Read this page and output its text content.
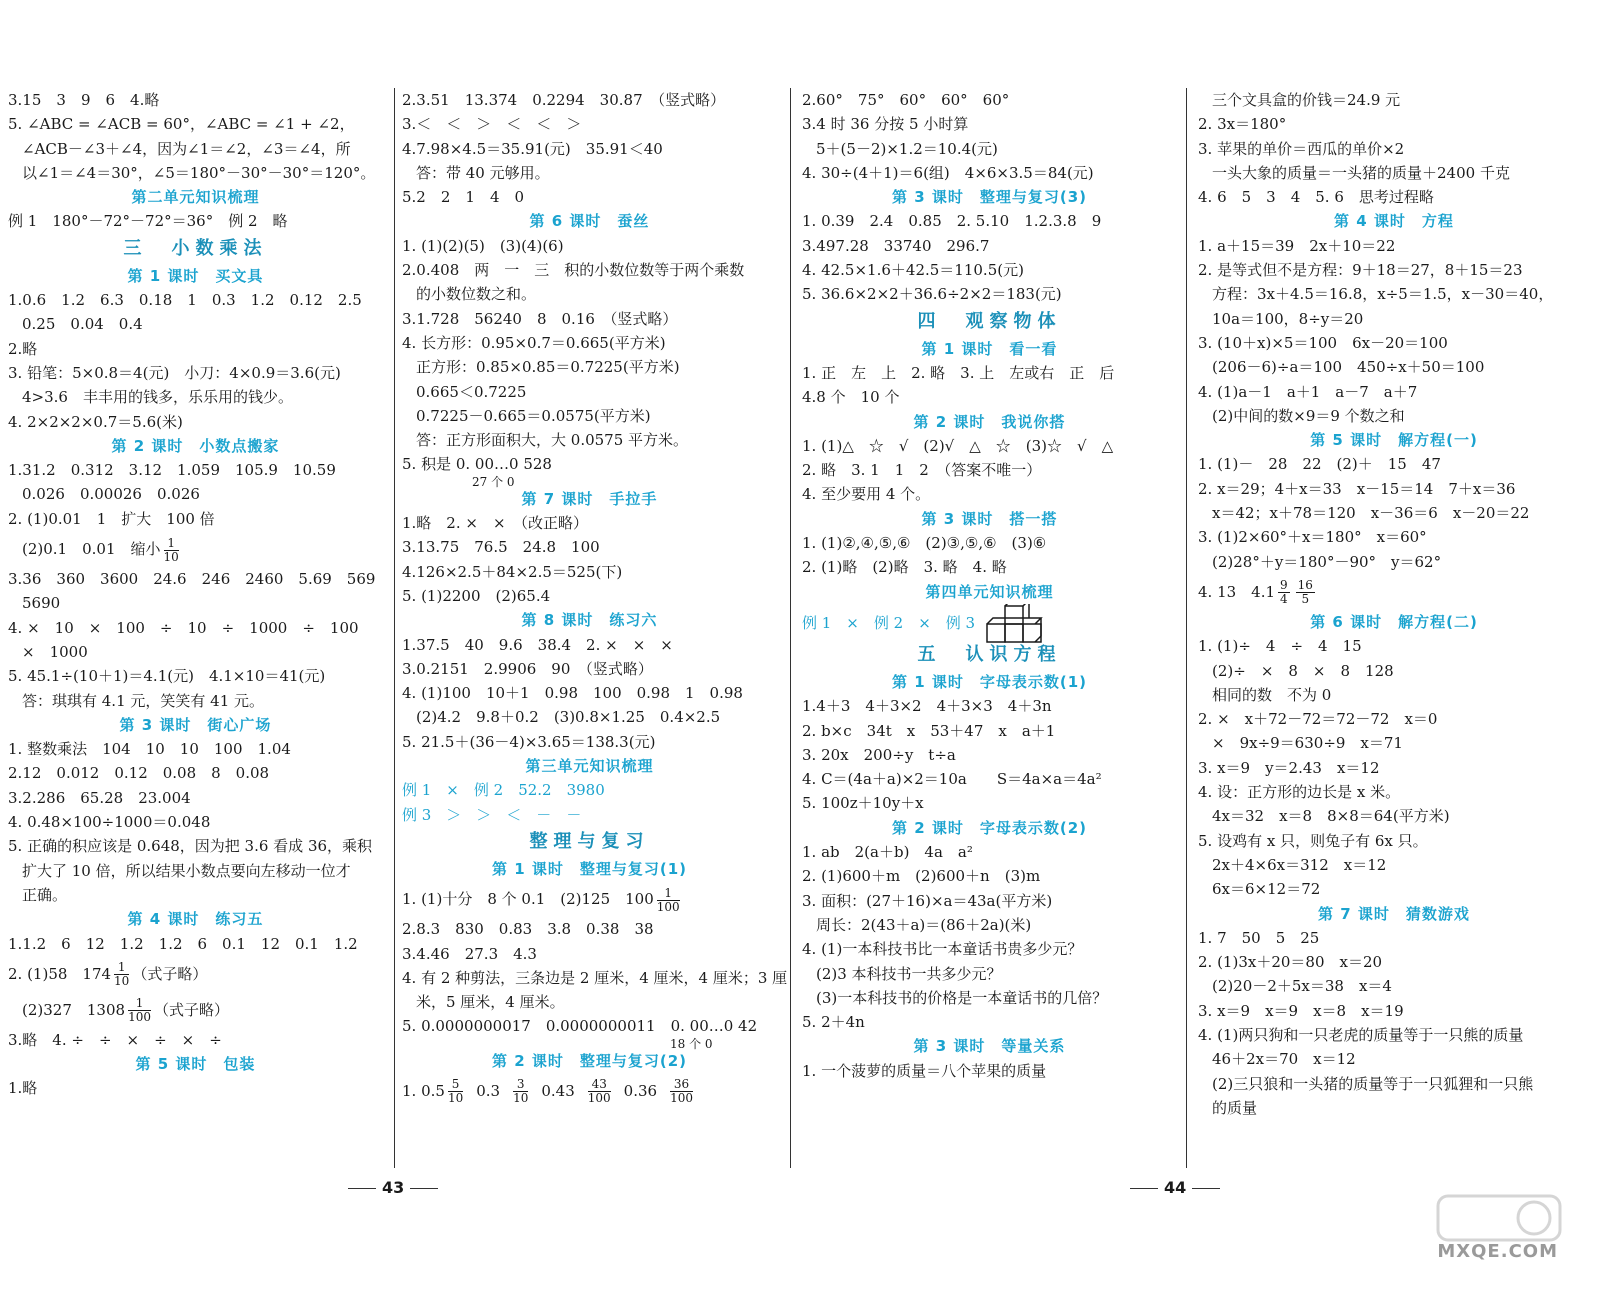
3.15　3　9　6　4.略
5. ∠ABC = ∠ACB = 60°，∠ABC = ∠1 + ∠2，
∠ACB－∠3＋∠4，因为∠1＝∠2，∠3＝∠4，所
以∠1＝∠4＝30°，∠5＝180°－30°－30°＝120°。
第二单元知识梳理
例 1　180°－72°－72°＝36°　例 2　略
三　小数乘法
第 1 课时　买文具
1.0.6　1.2　6.3　0.18　1　0.3　1.2　0.12　2.5
0.25　0.04　0.4
2.略
3. 铅笔：5×0.8＝4(元)　小刀：4×0.9＝3.6(元)
4>3.6　丰丰用的钱多，乐乐用的钱少。
4. 2×2×2×0.7＝5.6(米)
第 2 课时　小数点搬家
1.31.2　0.312　3.12　1.059　105.9　10.59
0.026　0.00026　0.026
2. (1)0.01　1　扩大　100 倍
(2)0.1　0.01　缩小 $\frac{1}{10}$
3.36　360　3600　24.6　246　2460　5.69　569
5690
4. ×　10　×　100　÷　10　÷　1000　÷　100
×　1000
5. 45.1÷(10＋1)＝4.1(元)　4.1×10＝41(元)
答：琪琪有 4.1 元，笑笑有 41 元。
第 3 课时　街心广场
1. 整数乘法　104　10　10　100　1.04
2.12　0.012　0.12　0.08　8　0.08
3.2.286　65.28　23.004
4. 0.48×100÷1000＝0.048
5. 正确的积应该是 0.648，因为把 3.6 看成 36，乘积
扩大了 10 倍，所以结果小数点要向左移动一位才
正确。
第 4 课时　练习五
1.1.2　6　12　1.2　1.2　6　0.1　12　0.1　1.2
2. (1)58　$174 \frac{1}{10}$ （式子略）
(2)327　$1308 \frac{1}{100}$ （式子略）
3.略　4. ÷　÷　×　÷　×　÷
第 5 课时　包装
1.略
2.3.51　13.374　0.2294　30.87　（竖式略）
3.＜　＜　＞　＜　＜　＞
4.7.98×4.5＝35.91(元)　35.91＜40
答：带 40 元够用。
5.2　2　1　4　0
第 6 课时　蚕丝
1. (1)(2)(5)　(3)(4)(6)
2.0.408　两　一　三　积的小数位数等于两个乘数
的小数位数之和。
3.1.728　56240　8　0.16　（竖式略）
4. 长方形：0.95×0.7＝0.665(平方米)
正方形：0.85×0.85＝0.7225(平方米)
0.665＜0.7225
0.7225－0.665＝0.0575(平方米)
答：正方形面积大，大 0.0575 平方米。
5. 积是 0. 00…0 528
27 个 0
第 7 课时　手拉手
1.略　2. ×　×　（改正略）
3.13.75　76.5　24.8　100
4.126×2.5＋84×2.5＝525(下)
5. (1)2200　(2)65.4
第 8 课时　练习六
1.37.5　40　9.6　38.4　2. ×　×　×
3.0.2151　2.9906　90　（竖式略）
4. (1)100　10＋1　0.98　100　0.98　1　0.98
(2)4.2　9.8＋0.2　(3)0.8×1.25　0.4×2.5
5. 21.5＋(36－4)×3.65＝138.3(元)
第三单元知识梳理
例 1　×　例 2　52.2　3980
例 3　＞　＞　＜　－　－
整理与复习
第 1 课时　整理与复习(1)
1. (1)十分　8 个 0.1　(2)125　$100 \frac{1}{100}$
2.8.3　830　0.83　3.8　0.38　38
3.4.46　27.3　4.3
4. 有 2 种剪法，三条边是 2 厘米，4 厘米，4 厘米；3 厘
米，5 厘米，4 厘米。
5. 0.0000000017　0.0000000011　0. 00…0 42
18 个 0
第 2 课时　整理与复习(2)
1. $0.5 \frac{5}{10} 0.3 \frac{3}{10} 0.43 \frac{43}{100} 0.36 \frac{36}{100}$
2.60°　75°　60°　60°　60°
3.4 时 36 分按 5 小时算
5＋(5－2)×1.2＝10.4(元)
4. 30÷(4＋1)＝6(组)　4×6×3.5＝84(元)
第 3 课时　整理与复习(3)
1. 0.39　2.4　0.85　2. 5.10　1.2.3.8　9
3.497.28　33740　296.7
4. 42.5×1.6＋42.5＝110.5(元)
5. 36.6×2×2＋36.6÷2×2＝183(元)
四　观察物体
第 1 课时　看一看
1. 正　左　上　2. 略　3. 上　左或右　正　后
4.8 个　10 个
第 2 课时　我说你搭
1. (1)△　☆　√　(2)√　△　☆　(3)☆　√　△
2. 略　3. 1　1　2　（答案不唯一）
4. 至少要用 4 个。
第 3 课时　搭一搭
1. (1)②,④,⑤,⑥　(2)③,⑤,⑥　(3)⑥
2. (1)略　(2)略　3. 略　4. 略
第四单元知识梳理
例 1　×　例 2　×　例 3
五　认识方程
第 1 课时　字母表示数(1)
1.4＋3　4＋3×2　4＋3×3　4＋3n
2. b×c　34t　x　53＋47　x　a＋1
3. 20x　200÷y　t÷a
4. C＝(4a＋a)×2＝10a　　S＝4a×a＝4a²
5. 100z＋10y＋x
第 2 课时　字母表示数(2)
1. ab　2(a＋b)　4a　a²
2. (1)600＋m　(2)600＋n　(3)m
3. 面积：(27＋16)×a＝43a(平方米)
周长：2(43＋a)＝(86＋2a)(米)
4. (1)一本科技书比一本童话书贵多少元？
(2)3 本科技书一共多少元？
(3)一本科技书的价格是一本童话书的几倍？
5. 2＋4n
第 3 课时　等量关系
1. 一个菠萝的质量＝八个苹果的质量
三个文具盒的价钱＝24.9 元
2. 3x＝180°
3. 苹果的单价＝西瓜的单价×2
一头大象的质量＝一头猪的质量＋2400 千克
4. 6　5　3　4　5. 6　思考过程略
第 4 课时　方程
1. a＋15＝39　2x＋10＝22
2. 是等式但不是方程：9＋18＝27，8＋15＝23
方程：3x＋4.5＝16.8，x÷5＝1.5，x－30＝40，
10a＝100，8÷y＝20
3. (10＋x)×5＝100　6x－20＝100
(206－6)÷a＝100　450÷x＋50＝100
4. (1)a－1　a＋1　a－7　a＋7
(2)中间的数×9＝9 个数之和
第 5 课时　解方程(一)
1. (1)－　28　22　(2)＋　15　47
2. x＝29；4＋x＝33　x－15＝14　7＋x＝36
x＝42；x＋78＝120　x－36＝6　x－20＝22
3. (1)2×60°＋x＝180°　x＝60°
(2)28°＋y＝180°－90°　y＝62°
4. 13　$4.1 \frac{9}{4} \frac{16}{5}$
第 6 课时　解方程(二)
1. (1)÷　4　÷　4　15
(2)÷　×　8　×　8　128
相同的数　不为 0
2. ×　x＋72－72＝72－72　x＝0
×　9x÷9＝630÷9　x＝71
3. x＝9　y＝2.43　x＝12
4. 设：正方形的边长是 x 米。
4x＝32　x＝8　8×8＝64(平方米)
5. 设鸡有 x 只，则兔子有 6x 只。
2x＋4×6x＝312　x＝12
6x＝6×12＝72
第 7 课时　猜数游戏
1. 7　50　5　25
2. (1)3x＋20＝80　x＝20
(2)20－2＋5x＝38　x＝4
3. x＝9　x＝9　x＝8　x＝19
4. (1)两只狗和一只老虎的质量等于一只熊的质量
46＋2x＝70　x＝12
(2)三只狼和一头猪的质量等于一只狐狸和一只熊
的质量
43	44
MXQE.COM
